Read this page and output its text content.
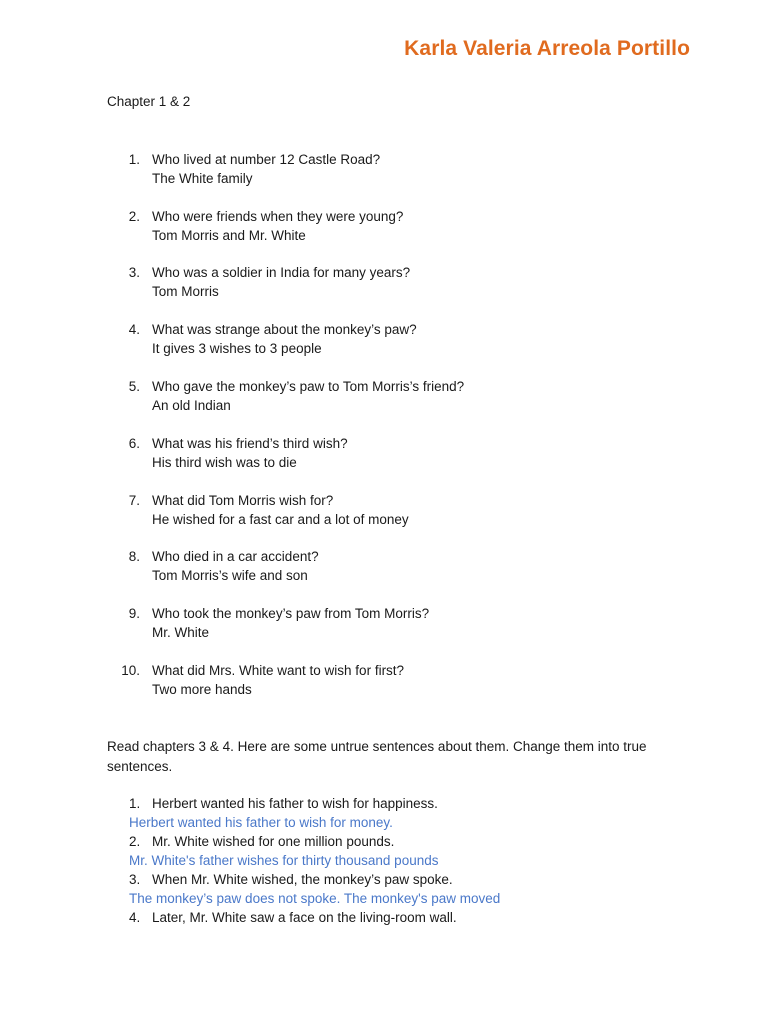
Karla Valeria Arreola Portillo
Chapter 1 & 2
1. Who lived at number 12 Castle Road?
The White family
2. Who were friends when they were young?
Tom Morris and Mr. White
3. Who was a soldier in India for many years?
Tom Morris
4. What was strange about the monkey’s paw?
It gives 3 wishes to 3 people
5. Who gave the monkey’s paw to Tom Morris’s friend?
An old Indian
6. What was his friend’s third wish?
His third wish was to die
7. What did Tom Morris wish for?
He wished for a fast car and a lot of money
8. Who died in a car accident?
Tom Morris’s wife and son
9. Who took the monkey’s paw from Tom Morris?
Mr. White
10. What did Mrs. White want to wish for first?
Two more hands
Read chapters 3 & 4. Here are some untrue sentences about them. Change them into true sentences.
1. Herbert wanted his father to wish for happiness.
Herbert wanted his father to wish for money.
2. Mr. White wished for one million pounds.
Mr. White's father wishes for thirty thousand pounds
3. When Mr. White wished, the monkey’s paw spoke.
The monkey’s paw does not spoke. The monkey's paw moved
4. Later, Mr. White saw a face on the living-room wall.
